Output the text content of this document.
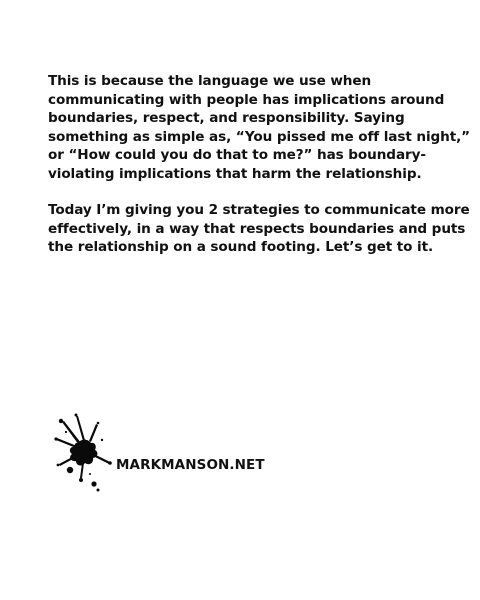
This is because the language we use when
communicating with people has implications around
boundaries, respect, and responsibility. Saying
something as simple as, “You pissed me off last night,”
or “How could you do that to me?” has boundary-
violating implications that harm the relationship.

Today I’m giving you 2 strategies to communicate more
effectively, in a way that respects boundaries and puts
the relationship on a sound footing. Let’s get to it.

MARKMANSON.NET
